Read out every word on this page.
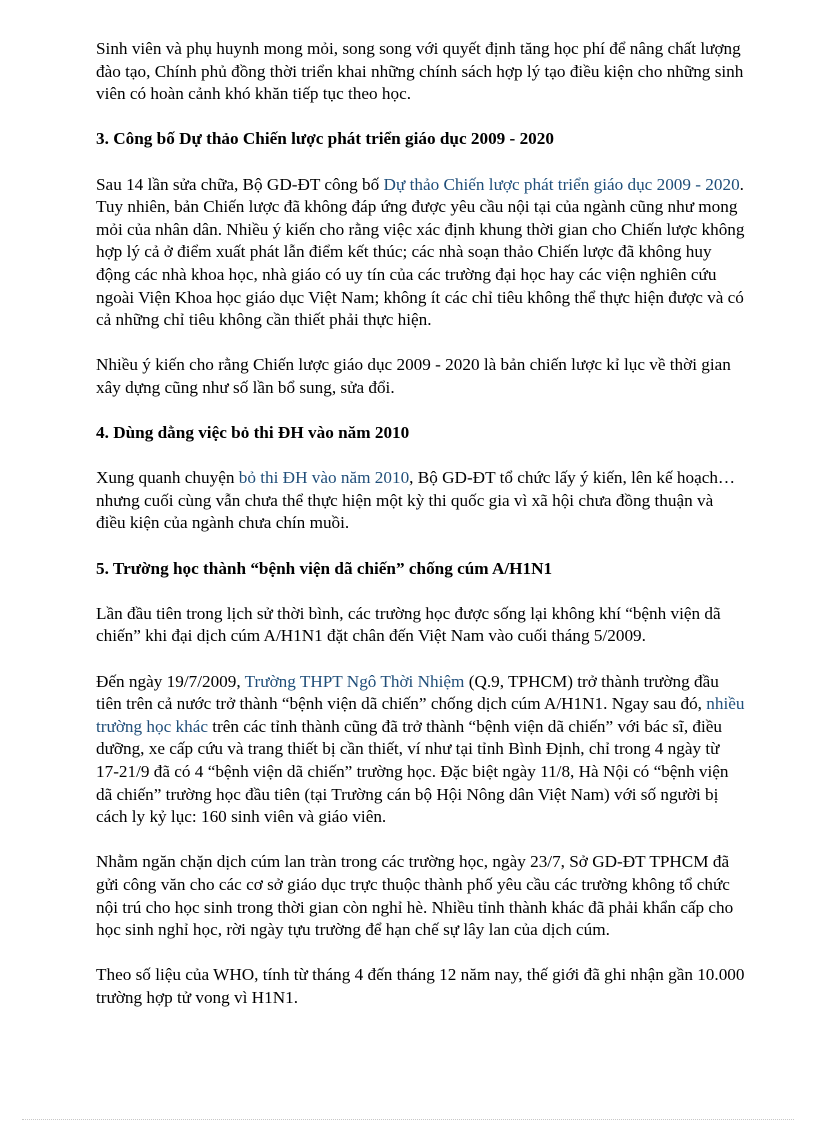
Sinh viên và phụ huynh mong mỏi, song song với quyết định tăng học phí để nâng chất lượng đào tạo, Chính phủ đồng thời triển khai những chính sách hợp lý tạo điều kiện cho những sinh viên có hoàn cảnh khó khăn tiếp tục theo học.

3. Công bố Dự thảo Chiến lược phát triển giáo dục 2009 - 2020

Sau 14 lần sửa chữa, Bộ GD-ĐT công bố Dự thảo Chiến lược phát triển giáo dục 2009 - 2020. Tuy nhiên, bản Chiến lược đã không đáp ứng được yêu cầu nội tại của ngành cũng như mong mỏi của nhân dân. Nhiều ý kiến cho rằng việc xác định khung thời gian cho Chiến lược không hợp lý cả ở điểm xuất phát lẫn điểm kết thúc; các nhà soạn thảo Chiến lược đã không huy động các nhà khoa học, nhà giáo có uy tín của các trường đại học hay các viện nghiên cứu ngoài Viện Khoa học giáo dục Việt Nam; không ít các chỉ tiêu không thể thực hiện được và có cả những chỉ tiêu không cần thiết phải thực hiện.

Nhiều ý kiến cho rằng Chiến lược giáo dục 2009 - 2020 là bản chiến lược kỉ lục về thời gian xây dựng cũng như số lần bổ sung, sửa đổi.

4. Dùng dằng việc bỏ thi ĐH vào năm 2010

Xung quanh chuyện bỏ thi ĐH vào năm 2010, Bộ GD-ĐT tổ chức lấy ý kiến, lên kế hoạch… nhưng cuối cùng vẫn chưa thể thực hiện một kỳ thi quốc gia vì xã hội chưa đồng thuận và điều kiện của ngành chưa chín muồi.

5. Trường học thành “bệnh viện dã chiến” chống cúm A/H1N1

Lần đầu tiên trong lịch sử thời bình, các trường học được sống lại không khí “bệnh viện dã chiến” khi đại dịch cúm A/H1N1 đặt chân đến Việt Nam vào cuối tháng 5/2009.

Đến ngày 19/7/2009, Trường THPT Ngô Thời Nhiệm (Q.9, TPHCM) trở thành trường đầu tiên trên cả nước trở thành “bệnh viện dã chiến” chống dịch cúm A/H1N1. Ngay sau đó, nhiều trường học khác trên các tỉnh thành cũng đã trở thành “bệnh viện dã chiến” với bác sĩ, điều dưỡng, xe cấp cứu và trang thiết bị cần thiết, ví như tại tỉnh Bình Định, chỉ trong 4 ngày từ 17-21/9 đã có 4 “bệnh viện dã chiến” trường học. Đặc biệt ngày 11/8, Hà Nội có “bệnh viện dã chiến” trường học đầu tiên (tại Trường cán bộ Hội Nông dân Việt Nam) với số người bị cách ly kỷ lục: 160 sinh viên và giáo viên.

Nhằm ngăn chặn dịch cúm lan tràn trong các trường học, ngày 23/7, Sở GD-ĐT TPHCM đã gửi công văn cho các cơ sở giáo dục trực thuộc thành phố yêu cầu các trường không tổ chức nội trú cho học sinh trong thời gian còn nghỉ hè. Nhiều tỉnh thành khác đã phải khẩn cấp cho học sinh nghỉ học, rời ngày tựu trường để hạn chế sự lây lan của dịch cúm.

Theo số liệu của WHO, tính từ tháng 4 đến tháng 12 năm nay, thế giới đã ghi nhận gần 10.000 trường hợp tử vong vì H1N1.
